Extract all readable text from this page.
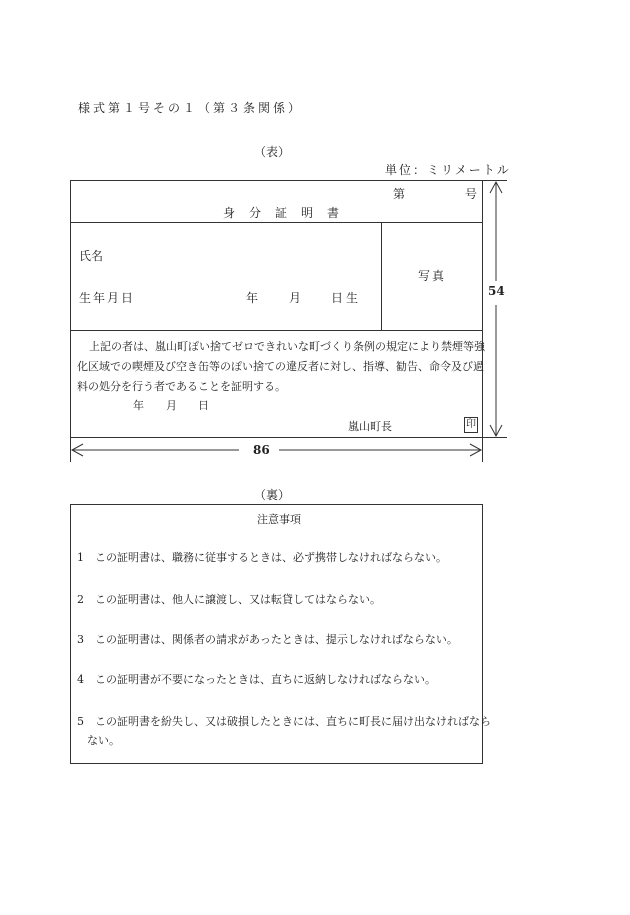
様式第１号その１（第３条関係）
（表）
単位：ミリメートル
第	号
身　分　証　明　書
氏名
生年月日	年	月 日生
写真
上記の者は、嵐山町ぽい捨てゼロできれいな町づくり条例の規定により禁煙等強
化区域での喫煙及び空き缶等のぽい捨ての違反者に対し、指導、勧告、命令及び過
料の処分を行う者であることを証明する。
年 月 日
嵐山町長	印
54
86
（裏）
注意事項
1　この証明書は、職務に従事するときは、必ず携帯しなければならない。
2　この証明書は、他人に譲渡し、又は転貸してはならない。
3　この証明書は、関係者の請求があったときは、提示しなければならない。
4　この証明書が不要になったときは、直ちに返納しなければならない。
5　この証明書を紛失し、又は破損したときには、直ちに町長に届け出なければなら
ない。
